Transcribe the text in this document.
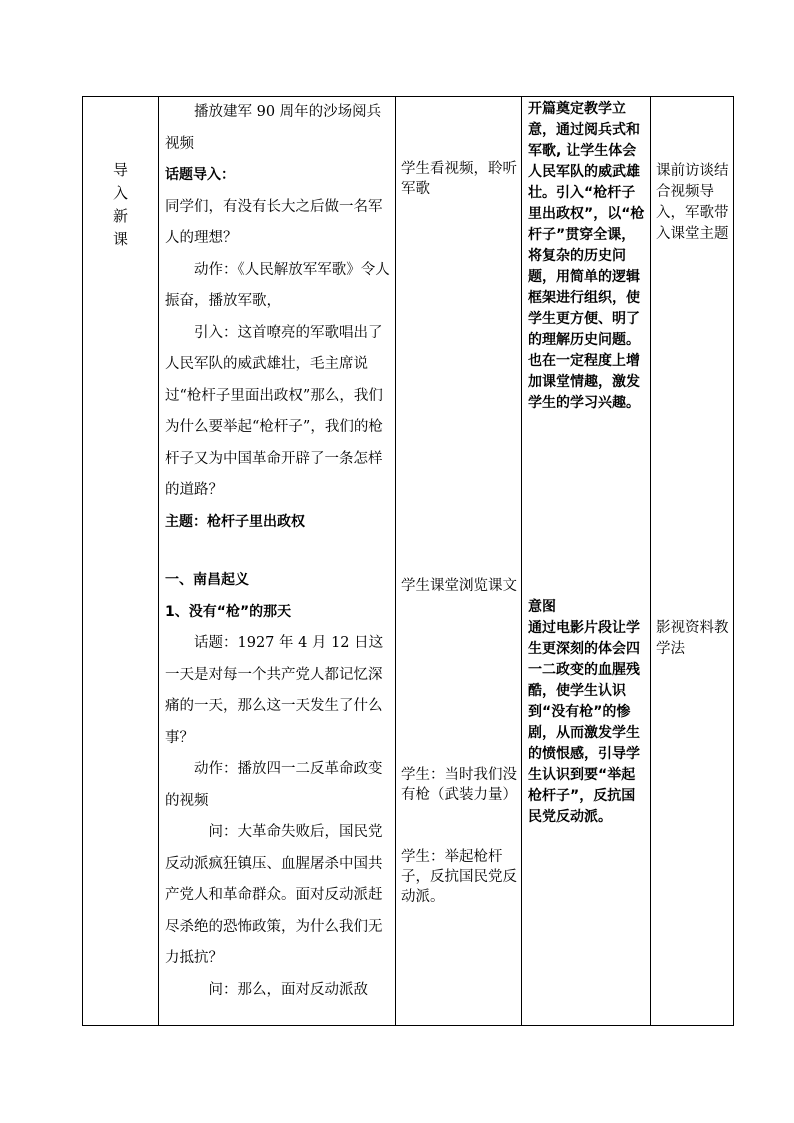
导
入
新
课

播放建军 90 周年的沙场阅兵视频

话题导入：

同学们，有没有长大之后做一名军人的理想？

动作：《人民解放军军歌》令人振奋，播放军歌，

引入：这首嘹亮的军歌唱出了人民军队的威武雄壮，毛主席说过“枪杆子里面出政权”那么，我们为什么要举起“枪杆子”，我们的枪杆子又为中国革命开辟了一条怎样的道路？

主题：枪杆子里出政权

学生看视频，聆听军歌

开篇奠定教学立意，通过阅兵式和军歌, 让学生体会人民军队的威武雄壮。引入“枪杆子里出政权”，以“枪杆子”贯穿全课，将复杂的历史问题，用简单的逻辑框架进行组织，使学生更方便、明了的理解历史问题。也在一定程度上增加课堂情趣，激发学生的学习兴趣。

课前访谈结合视频导入，军歌带入课堂主题

一、南昌起义

1、没有“枪”的那天

话题：1927 年 4 月 12 日这一天是对每一个共产党人都记忆深痛的一天，那么这一天发生了什么事？

动作：播放四一二反革命政变的视频

问：大革命失败后，国民党反动派疯狂镇压、血腥屠杀中国共产党人和革命群众。面对反动派赶尽杀绝的恐怖政策，为什么我们无力抵抗？

问：那么，面对反动派敌

学生课堂浏览课文

学生：当时我们没有枪（武装力量）

学生：举起枪杆子，反抗国民党反动派。

意图

通过电影片段让学生更深刻的体会四一二政变的血腥残酷，使学生认识到“没有枪”的惨剧，从而激发学生的愤恨感，引导学生认识到要“举起枪杆子”，反抗国民党反动派。

影视资料教学法
